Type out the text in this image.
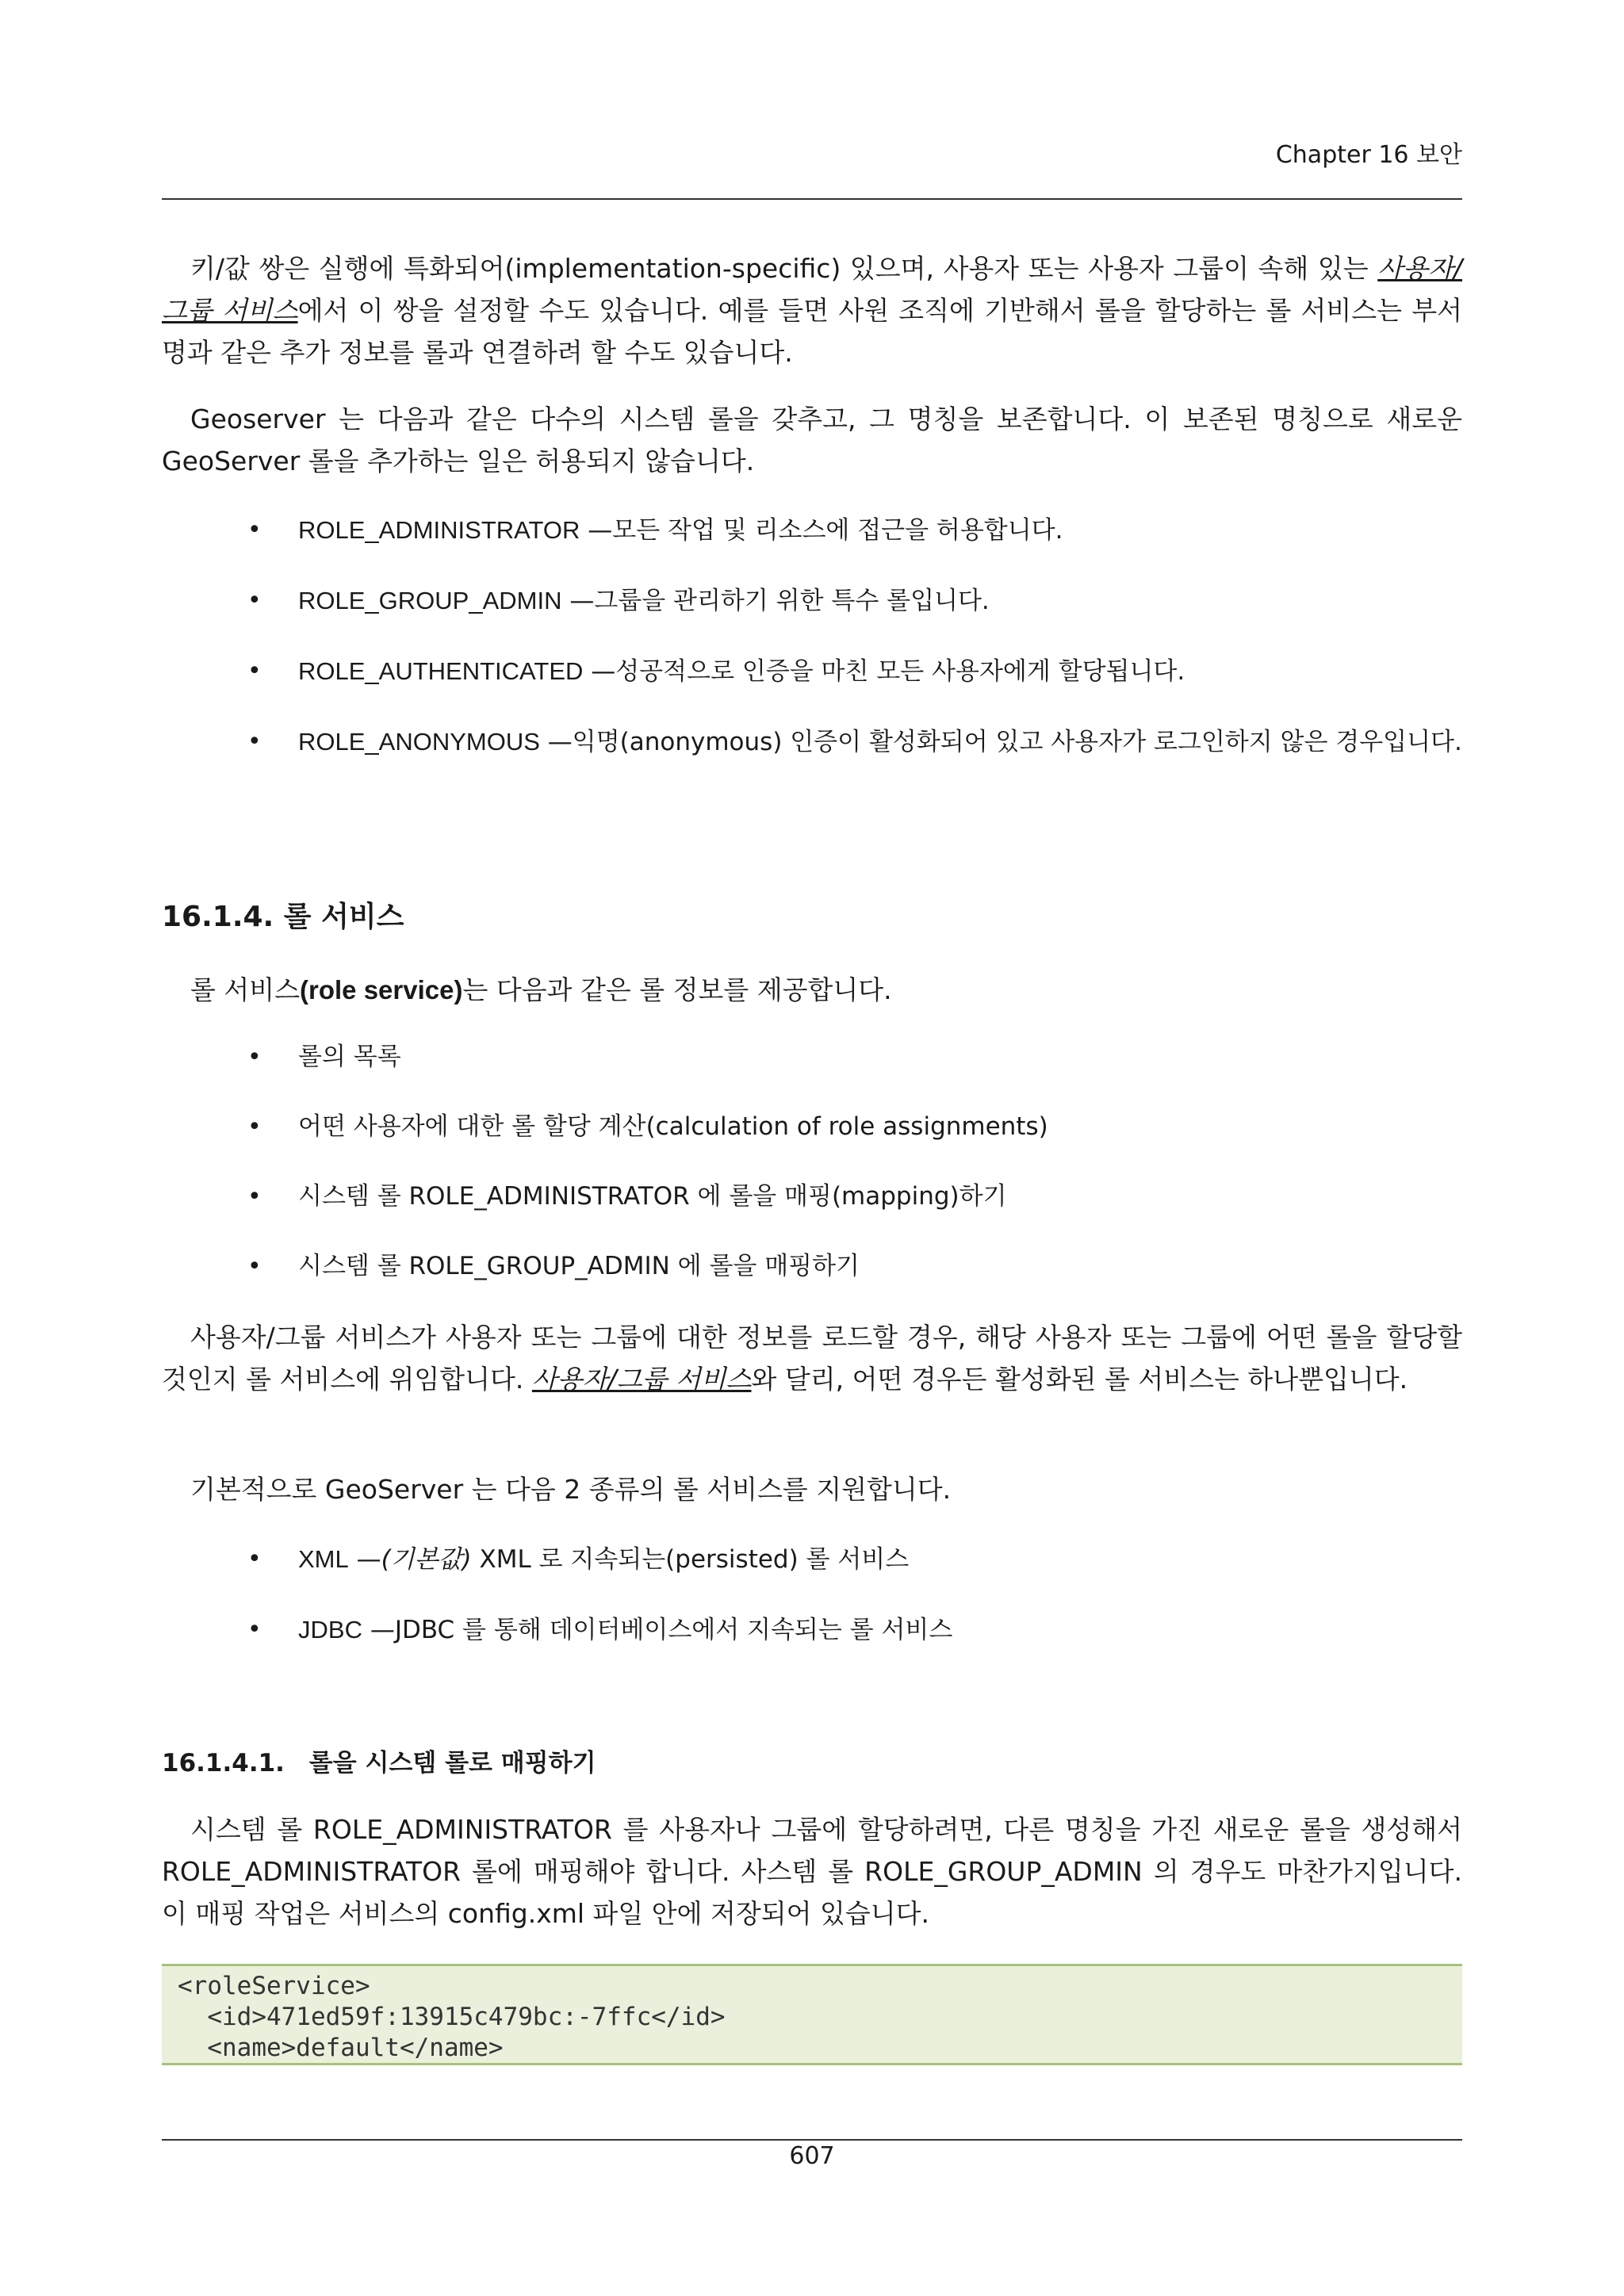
Chapter 16 보안
키/값 쌍은 실행에 특화되어(implementation-specific) 있으며, 사용자 또는 사용자 그룹이 속해 있는 사용자/그룹 서비스에서 이 쌍을 설정할 수도 있습니다. 예를 들면 사원 조직에 기반해서 롤을 할당하는 롤 서비스는 부서명과 같은 추가 정보를 롤과 연결하려 할 수도 있습니다.
Geoserver 는 다음과 같은 다수의 시스템 롤을 갖추고, 그 명칭을 보존합니다. 이 보존된 명칭으로 새로운 GeoServer 롤을 추가하는 일은 허용되지 않습니다.
• ROLE_ADMINISTRATOR —모든 작업 및 리소스에 접근을 허용합니다.
• ROLE_GROUP_ADMIN —그룹을 관리하기 위한 특수 롤입니다.
• ROLE_AUTHENTICATED —성공적으로 인증을 마친 모든 사용자에게 할당됩니다.
• ROLE_ANONYMOUS —익명(anonymous) 인증이 활성화되어 있고 사용자가 로그인하지 않은 경우입니다.
16.1.4. 롤 서비스
롤 서비스(role service)는 다음과 같은 롤 정보를 제공합니다.
• 롤의 목록
• 어떤 사용자에 대한 롤 할당 계산(calculation of role assignments)
• 시스템 롤 ROLE_ADMINISTRATOR 에 롤을 매핑(mapping)하기
• 시스템 롤 ROLE_GROUP_ADMIN 에 롤을 매핑하기
사용자/그룹 서비스가 사용자 또는 그룹에 대한 정보를 로드할 경우, 해당 사용자 또는 그룹에 어떤 롤을 할당할 것인지 롤 서비스에 위임합니다. 사용자/그룹 서비스와 달리, 어떤 경우든 활성화된 롤 서비스는 하나뿐입니다.
기본적으로 GeoServer 는 다음 2 종류의 롤 서비스를 지원합니다.
• XML —(기본값) XML 로 지속되는(persisted) 롤 서비스
• JDBC —JDBC 를 통해 데이터베이스에서 지속되는 롤 서비스
16.1.4.1. 롤을 시스템 롤로 매핑하기
시스템 롤 ROLE_ADMINISTRATOR 를 사용자나 그룹에 할당하려면, 다른 명칭을 가진 새로운 롤을 생성해서 ROLE_ADMINISTRATOR 롤에 매핑해야 합니다. 사스템 롤 ROLE_GROUP_ADMIN 의 경우도 마찬가지입니다. 이 매핑 작업은 서비스의 config.xml 파일 안에 저장되어 있습니다.
<roleService>
<id>471ed59f:13915c479bc:-7ffc</id>
<name>default</name>
607
